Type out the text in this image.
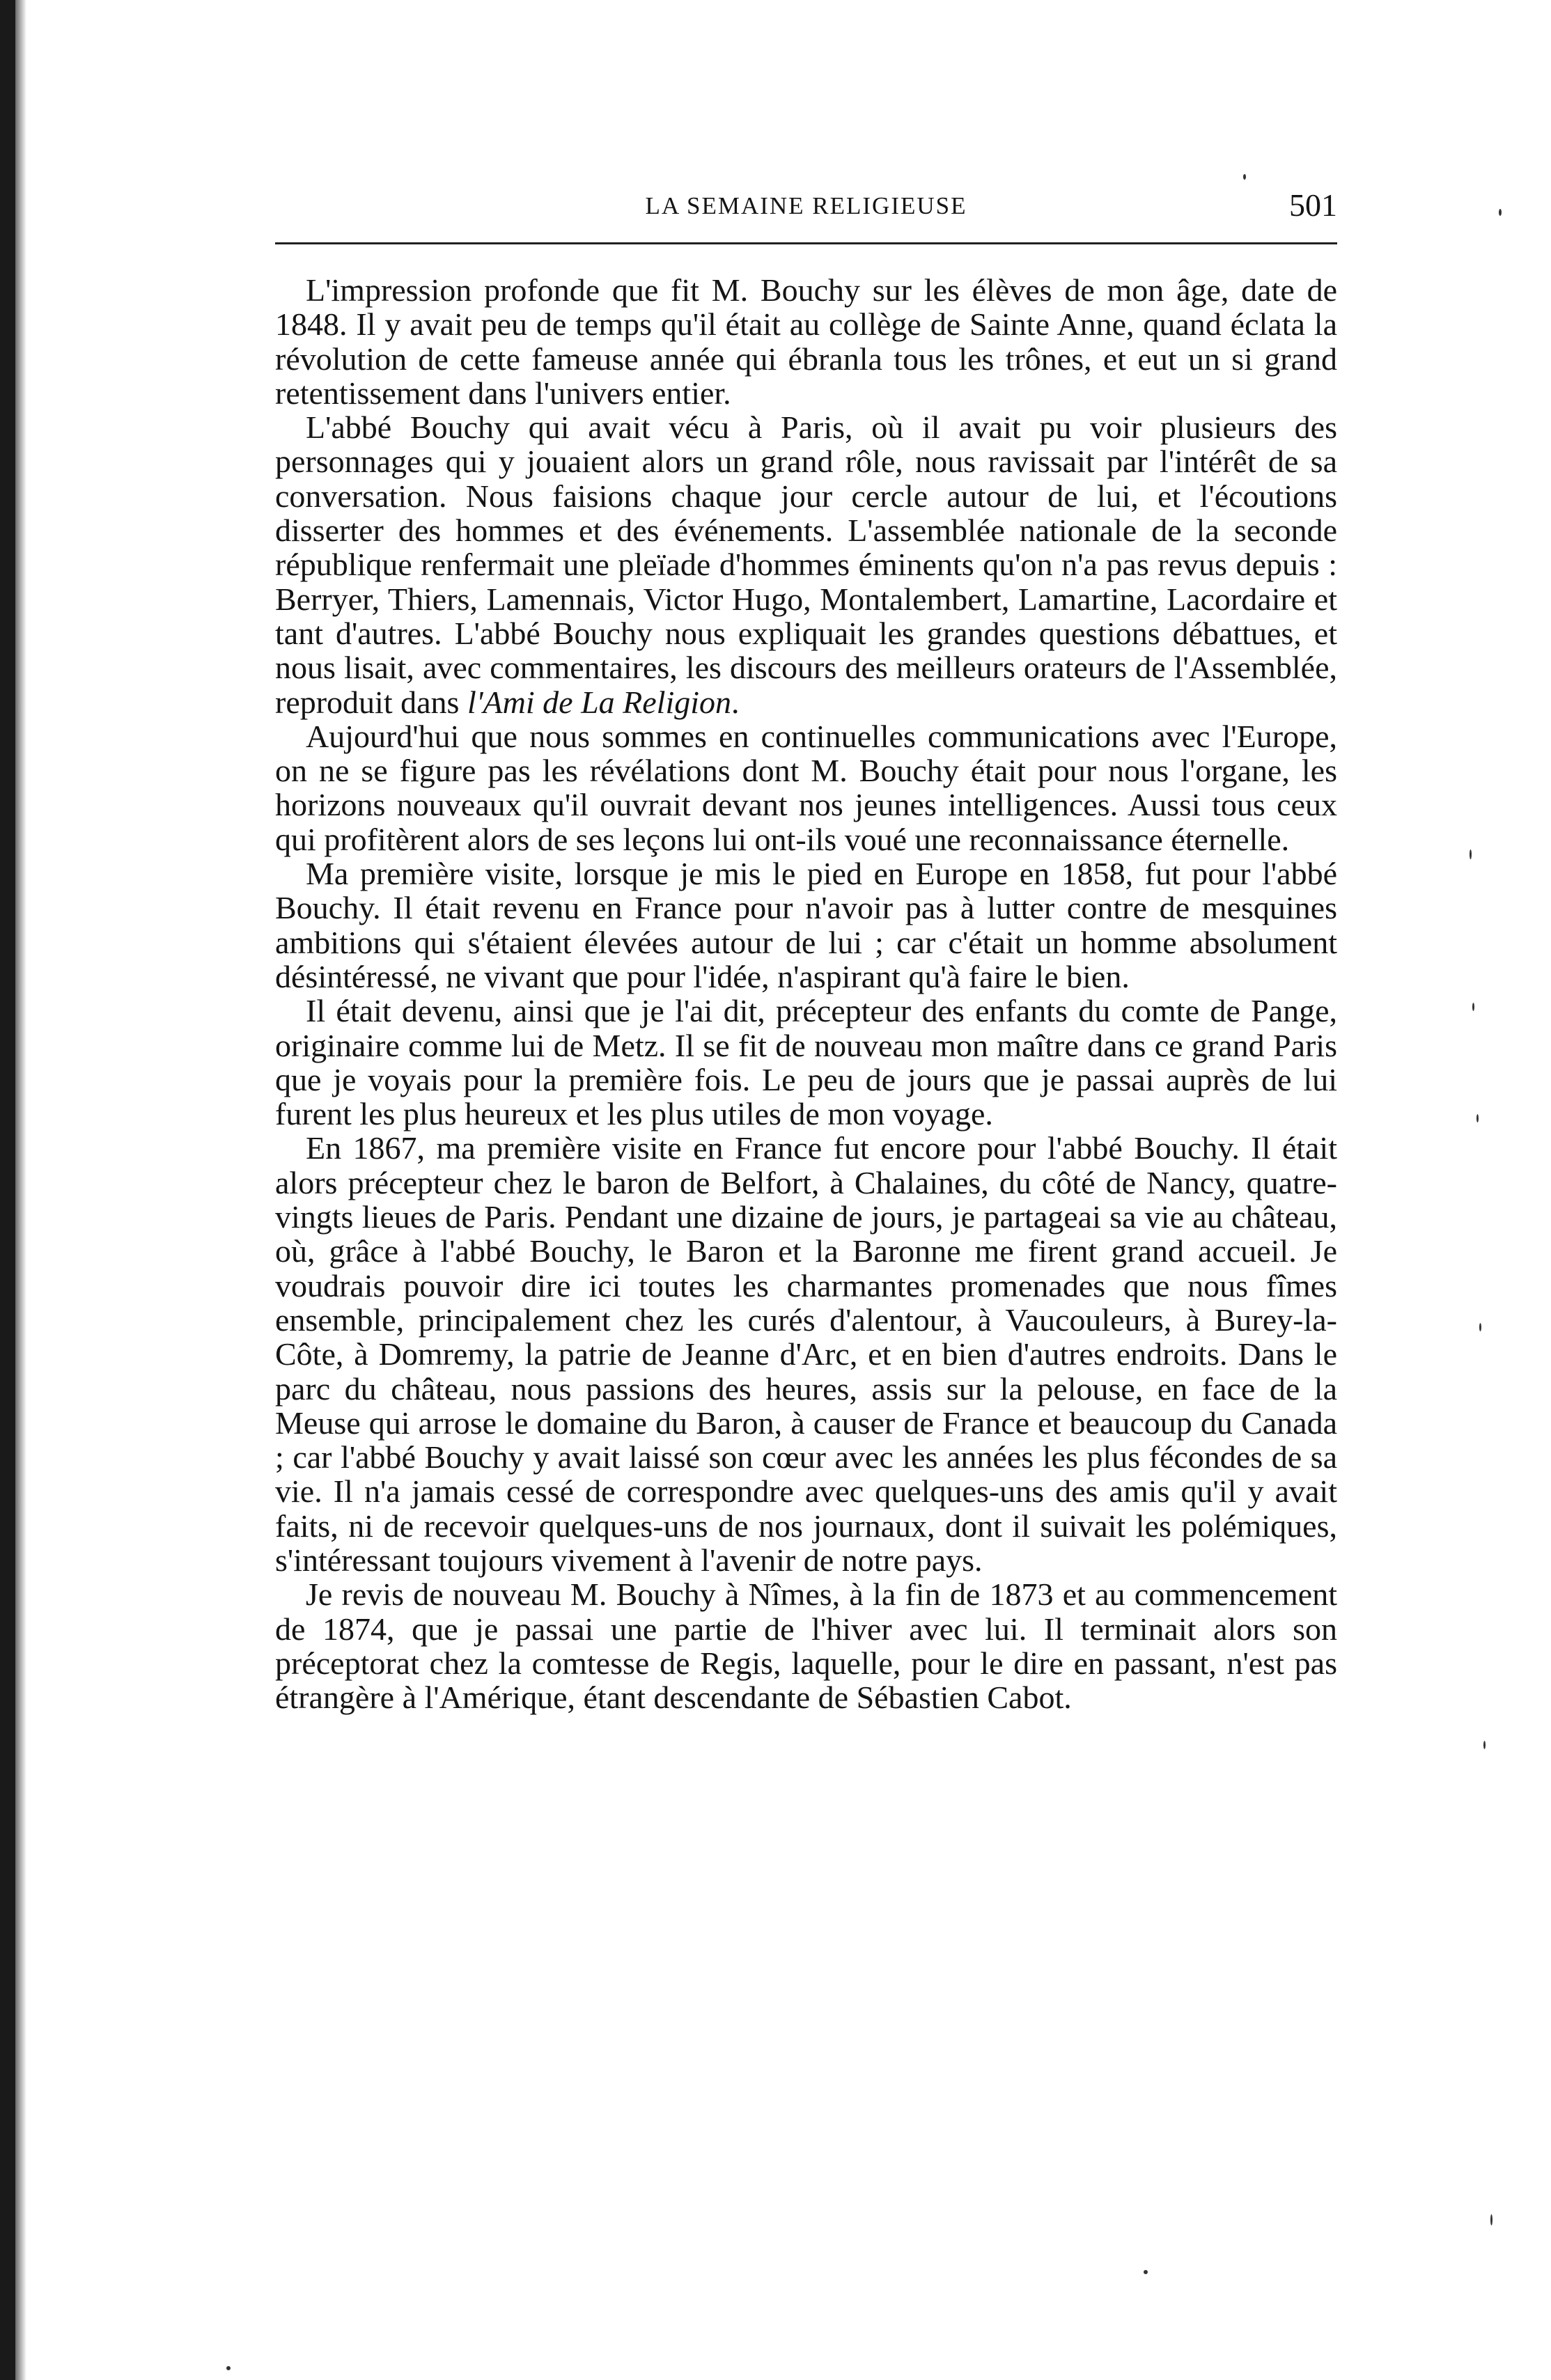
LA SEMAINE RELIGIEUSE	501

L'impression profonde que fit M. Bouchy sur les élèves de mon âge, date de 1848. Il y avait peu de temps qu'il était au collège de Sainte Anne, quand éclata la révolution de cette fameuse année qui ébranla tous les trônes, et eut un si grand retentissement dans l'univers entier.

L'abbé Bouchy qui avait vécu à Paris, où il avait pu voir plusieurs des personnages qui y jouaient alors un grand rôle, nous ravissait par l'intérêt de sa conversation. Nous faisions chaque jour cercle autour de lui, et l'écoutions disserter des hommes et des événements. L'assemblée nationale de la seconde république renfermait une pleïade d'hommes éminents qu'on n'a pas revus depuis : Berryer, Thiers, Lamennais, Victor Hugo, Montalembert, Lamartine, Lacordaire et tant d'autres. L'abbé Bouchy nous expliquait les grandes questions débattues, et nous lisait, avec commentaires, les discours des meilleurs orateurs de l'Assemblée, reproduit dans l'Ami de La Religion.

Aujourd'hui que nous sommes en continuelles communications avec l'Europe, on ne se figure pas les révélations dont M. Bouchy était pour nous l'organe, les horizons nouveaux qu'il ouvrait devant nos jeunes intelligences. Aussi tous ceux qui profitèrent alors de ses leçons lui ont-ils voué une reconnaissance éternelle.

Ma première visite, lorsque je mis le pied en Europe en 1858, fut pour l'abbé Bouchy. Il était revenu en France pour n'avoir pas à lutter contre de mesquines ambitions qui s'étaient élevées autour de lui ; car c'était un homme absolument désintéressé, ne vivant que pour l'idée, n'aspirant qu'à faire le bien.

Il était devenu, ainsi que je l'ai dit, précepteur des enfants du comte de Pange, originaire comme lui de Metz. Il se fit de nouveau mon maître dans ce grand Paris que je voyais pour la première fois. Le peu de jours que je passai auprès de lui furent les plus heureux et les plus utiles de mon voyage.

En 1867, ma première visite en France fut encore pour l'abbé Bouchy. Il était alors précepteur chez le baron de Belfort, à Chalaines, du côté de Nancy, quatre-vingts lieues de Paris. Pendant une dizaine de jours, je partageai sa vie au château, où, grâce à l'abbé Bouchy, le Baron et la Baronne me firent grand accueil. Je voudrais pouvoir dire ici toutes les charmantes promenades que nous fîmes ensemble, principalement chez les curés d'alentour, à Vaucouleurs, à Burey-la-Côte, à Domremy, la patrie de Jeanne d'Arc, et en bien d'autres endroits. Dans le parc du château, nous passions des heures, assis sur la pelouse, en face de la Meuse qui arrose le domaine du Baron, à causer de France et beaucoup du Canada ; car l'abbé Bouchy y avait laissé son cœur avec les années les plus fécondes de sa vie. Il n'a jamais cessé de correspondre avec quelques-uns des amis qu'il y avait faits, ni de recevoir quelques-uns de nos journaux, dont il suivait les polémiques, s'intéressant toujours vivement à l'avenir de notre pays.

Je revis de nouveau M. Bouchy à Nîmes, à la fin de 1873 et au commencement de 1874, que je passai une partie de l'hiver avec lui. Il terminait alors son préceptorat chez la comtesse de Regis, laquelle, pour le dire en passant, n'est pas étrangère à l'Amérique, étant descendante de Sébastien Cabot.
